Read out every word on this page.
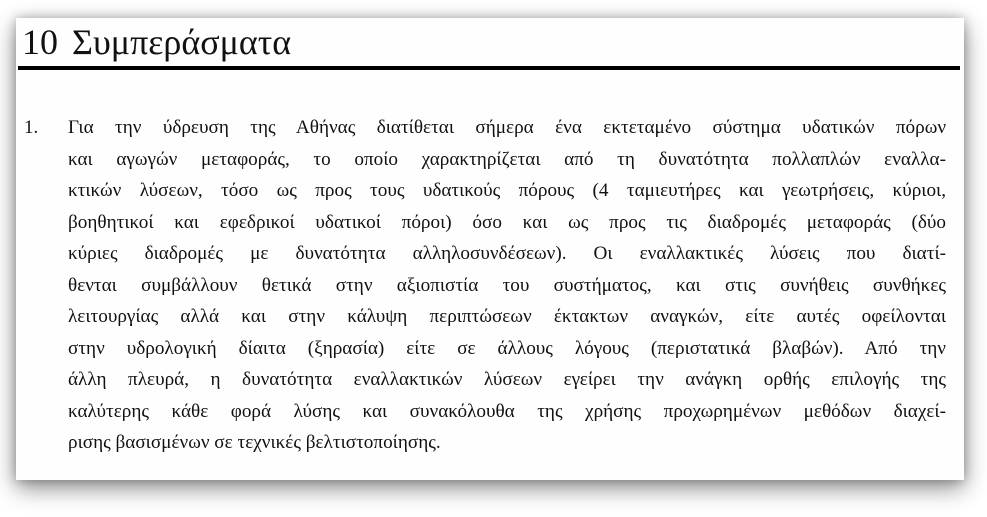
10 Συμπεράσματα
1. Για την ύδρευση της Αθήνας διατίθεται σήμερα ένα εκτεταμένο σύστημα υδατικών πόρων
και αγωγών μεταφοράς, το οποίο χαρακτηρίζεται από τη δυνατότητα πολλαπλών εναλλα-
κτικών λύσεων, τόσο ως προς τους υδατικούς πόρους (4 ταμιευτήρες και γεωτρήσεις, κύριοι,
βοηθητικοί και εφεδρικοί υδατικοί πόροι) όσο και ως προς τις διαδρομές μεταφοράς (δύο
κύριες διαδρομές με δυνατότητα αλληλοσυνδέσεων). Οι εναλλακτικές λύσεις που διατί-
θενται συμβάλλουν θετικά στην αξιοπιστία του συστήματος, και στις συνήθεις συνθήκες
λειτουργίας αλλά και στην κάλυψη περιπτώσεων έκτακτων αναγκών, είτε αυτές οφείλονται
στην υδρολογική δίαιτα (ξηρασία) είτε σε άλλους λόγους (περιστατικά βλαβών). Από την
άλλη πλευρά, η δυνατότητα εναλλακτικών λύσεων εγείρει την ανάγκη ορθής επιλογής της
καλύτερης κάθε φορά λύσης και συνακόλουθα της χρήσης προχωρημένων μεθόδων διαχεί-
ρισης βασισμένων σε τεχνικές βελτιστοποίησης.
